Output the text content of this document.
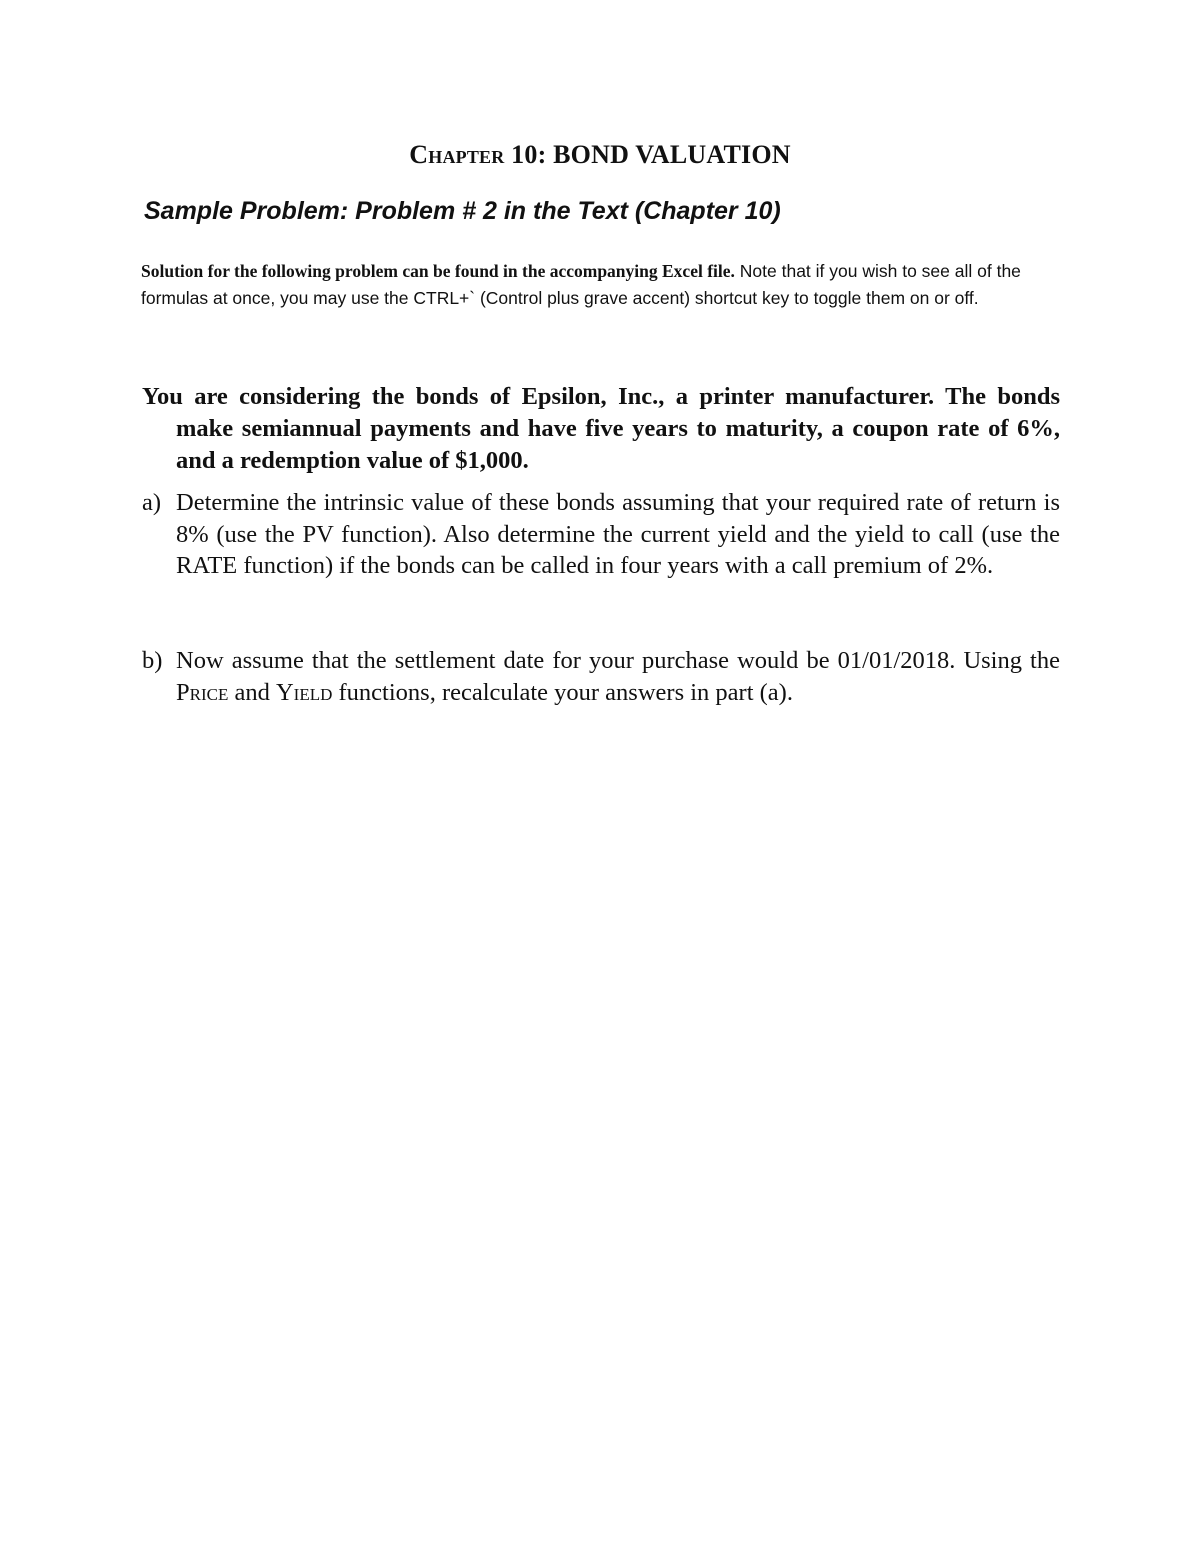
Chapter 10: BOND VALUATION
Sample Problem: Problem # 2 in the Text (Chapter 10)
Solution for the following problem can be found in the accompanying Excel file. Note that if you wish to see all of the formulas at once, you may use the CTRL+` (Control plus grave accent) shortcut key to toggle them on or off.
You are considering the bonds of Epsilon, Inc., a printer manufacturer. The bonds make semiannual payments and have five years to maturity, a coupon rate of 6%, and a redemption value of $1,000.
a) Determine the intrinsic value of these bonds assuming that your required rate of return is 8% (use the PV function). Also determine the current yield and the yield to call (use the RATE function) if the bonds can be called in four years with a call premium of 2%.
b) Now assume that the settlement date for your purchase would be 01/01/2018. Using the Price and Yield functions, recalculate your answers in part (a).
